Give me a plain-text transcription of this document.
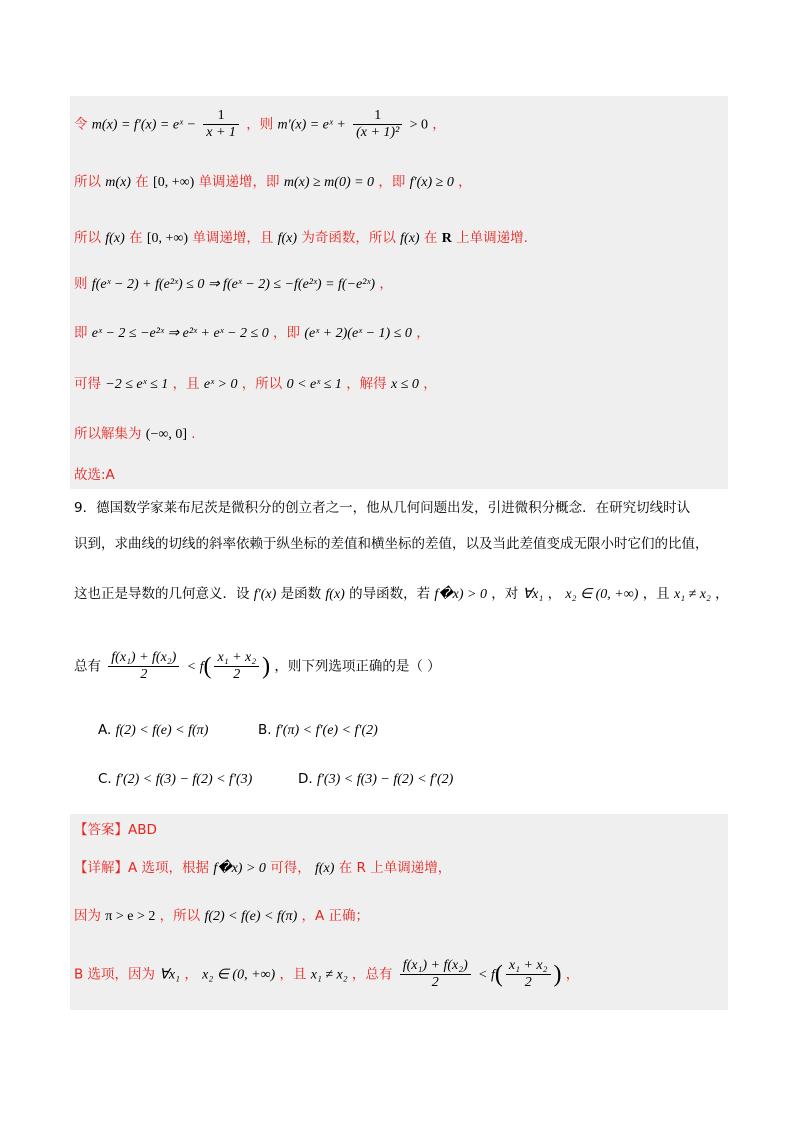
令 m(x) = f′(x) = eˣ − $\frac{1}{x + 1}$ ，则 m′(x) = eˣ + $\frac{1}{\text{(x + 1)²}} > 0$ ，
所以 m(x) 在 [0, +∞) 单调递增，即 m(x) ≥ m(0) = 0 ，即 f′(x) ≥ 0 ，
所以 f(x) 在 [0, +∞) 单调递增，且 f(x) 为奇函数，所以 f(x) 在 R 上单调递增.
则 f(eˣ − 2) + f(e²ˣ) ≤ 0 ⇒ f(eˣ − 2) ≤ −f(e²ˣ) = f(−e²ˣ) ，
即 eˣ − 2 ≤ −e²ˣ ⇒ e²ˣ + eˣ − 2 ≤ 0 ，即 (eˣ + 2)(eˣ − 1) ≤ 0 ，
可得 −2 ≤ eˣ ≤ 1 ，且 eˣ > 0 ，所以 0 < eˣ ≤ 1 ，解得 x ≤ 0 ，
所以解集为 (−∞, 0] .
故选:A
9．德国数学家莱布尼茨是微积分的创立者之一，他从几何问题出发，引进微积分概念．在研究切线时认
识到，求曲线的切线的斜率依赖于纵坐标的差值和横坐标的差值，以及当此差值变成无限小时它们的比值，
这也正是导数的几何意义．设 f′(x) 是函数 f(x) 的导函数，若 f�x) > 0 ，对 ∀x₁ ， x₂ ∈ (0, +∞) ，且 x₁ ≠ x₂ ，
总有 $\frac{\text{f(x₁) + f(x₂)}}{2} < f( \frac{\text{x₁ + x₂}}{2}$ ) ，则下列选项正确的是（ ）
A. f(2) < f(e) < f(π)	B. f′(π) < f′(e) < f′(2)
C. f′(2) < f(3) − f(2) < f′(3)	D. f′(3) < f(3) − f(2) < f′(2)
【答案】ABD
【详解】A 选项，根据 f�x) > 0 可得， f(x) 在 R 上单调递增，
因为 π > e > 2 ，所以 f(2) < f(e) < f(π) ，A 正确；
B 选项，因为 ∀x₁ ， x₂ ∈ (0, +∞) ，且 x₁ ≠ x₂ ，总有 $\frac{\text{f(x₁) + f(x₂)}}{2} < f( \frac{\text{x₁ + x₂}}{2}$ ) ，
